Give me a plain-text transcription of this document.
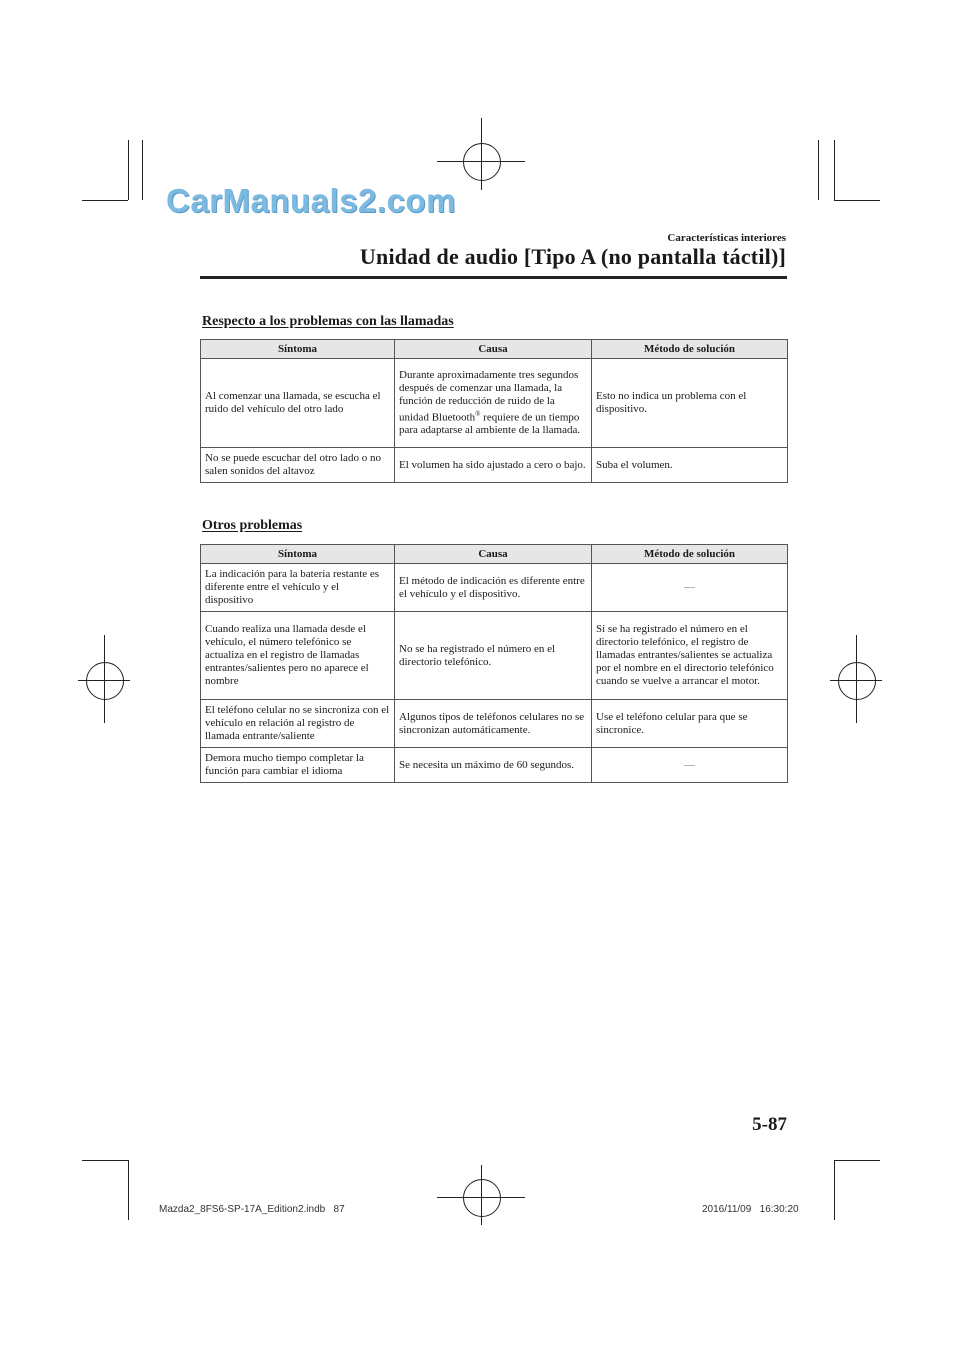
CarManuals2.com
Características interiores
Unidad de audio [Tipo A (no pantalla táctil)]
Respecto a los problemas con las llamadas
Síntoma	Causa	Método de solución
Al comenzar una llamada, se escucha el ruido del vehículo del otro lado	Durante aproximadamente tres segundos después de comenzar una llamada, la función de reducción de ruido de la unidad Bluetooth® requiere de un tiempo para adaptarse al ambiente de la llamada.	Esto no indica un problema con el dispositivo.
No se puede escuchar del otro lado o no salen sonidos del altavoz	El volumen ha sido ajustado a cero o bajo.	Suba el volumen.
Otros problemas
Síntoma	Causa	Método de solución
La indicación para la batería restante es diferente entre el vehículo y el dispositivo	El método de indicación es diferente entre el vehículo y el dispositivo.	—
Cuando realiza una llamada desde el vehículo, el número telefónico se actualiza en el registro de llamadas entrantes/salientes pero no aparece el nombre	No se ha registrado el número en el directorio telefónico.	Si se ha registrado el número en el directorio telefónico, el registro de llamadas entrantes/salientes se actualiza por el nombre en el directorio telefónico cuando se vuelve a arrancar el motor.
El teléfono celular no se sincroniza con el vehículo en relación al registro de llamada entrante/saliente	Algunos tipos de teléfonos celulares no se sincronizan automáticamente.	Use el teléfono celular para que se sincronice.
Demora mucho tiempo completar la función para cambiar el idioma	Se necesita un máximo de 60 segundos.	—
5-87
Mazda2_8FS6-SP-17A_Edition2.indb   87	2016/11/09   16:30:20
